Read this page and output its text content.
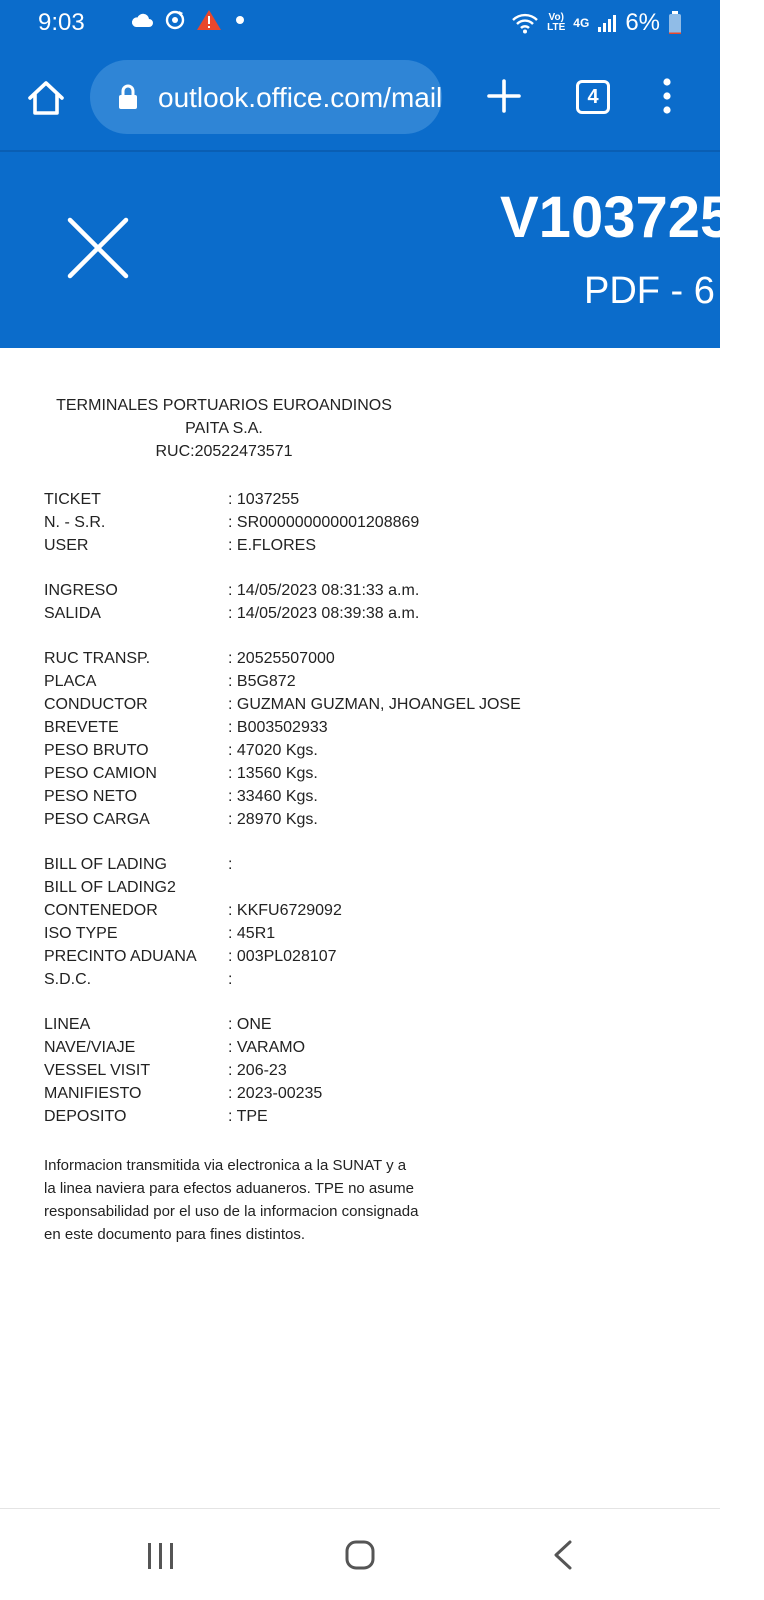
9:03	Vo)
LTE 4G 6%
outlook.office.com/mail	4
V1037255
PDF - 6
TERMINALES PORTUARIOS EUROANDINOS
PAITA S.A.
RUC:20522473571
TICKET	: 1037255
N. - S.R.	: SR000000000001208869
USER	: E.FLORES
INGRESO	: 14/05/2023 08:31:33 a.m.
SALIDA	: 14/05/2023 08:39:38 a.m.
RUC TRANSP.	: 20525507000
PLACA	: B5G872
CONDUCTOR	: GUZMAN GUZMAN, JHOANGEL JOSE
BREVETE	: B003502933
PESO BRUTO	: 47020 Kgs.
PESO CAMION	: 13560 Kgs.
PESO NETO	: 33460 Kgs.
PESO CARGA	: 28970 Kgs.
BILL OF LADING	:
BILL OF LADING2
CONTENEDOR	: KKFU6729092
ISO TYPE	: 45R1
PRECINTO ADUANA : 003PL028107
S.D.C.	:
LINEA	: ONE
NAVE/VIAJE	: VARAMO
VESSEL VISIT	: 206-23
MANIFIESTO	: 2023-00235
DEPOSITO	: TPE
Informacion transmitida via electronica a la SUNAT y a
la linea naviera para efectos aduaneros. TPE no asume
responsabilidad por el uso de la informacion consignada
en este documento para fines distintos.
